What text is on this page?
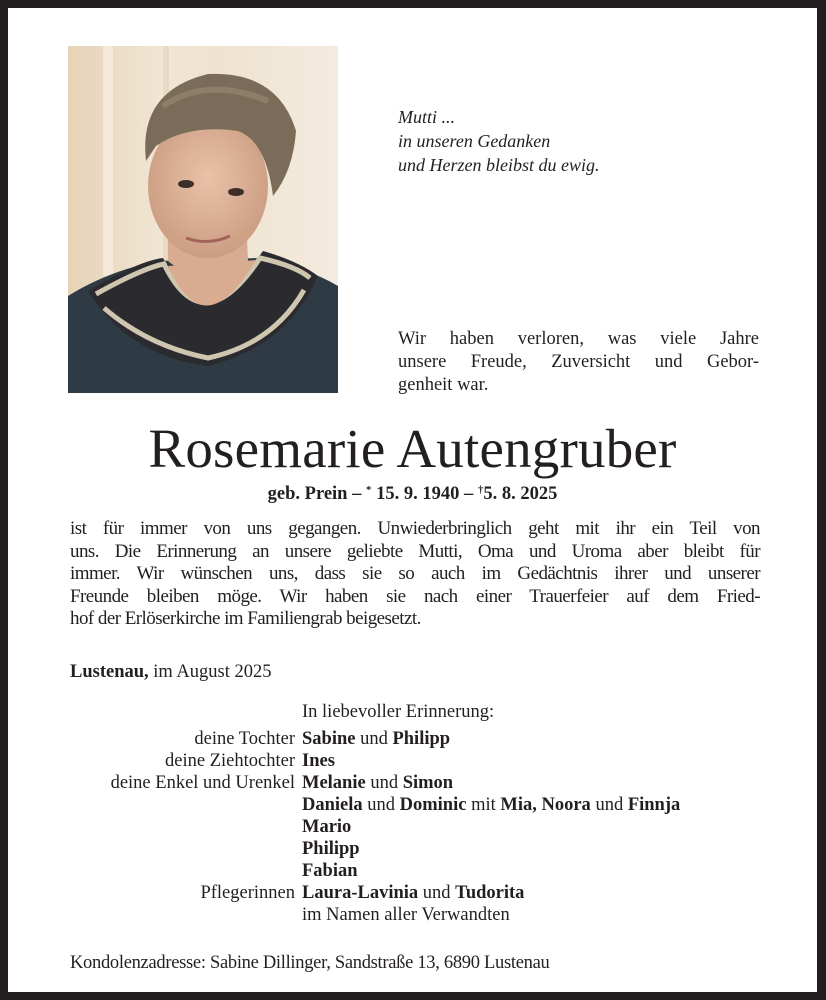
Mutti ...
in unseren Gedanken
und Herzen bleibst du ewig.
Wir haben verloren, was viele Jahre
unsere Freude, Zuversicht und Gebor-
genheit war.
Rosemarie Autengruber
geb. Prein – * 15. 9. 1940 – †5. 8. 2025
ist für immer von uns gegangen. Unwiederbringlich geht mit ihr ein Teil von
uns. Die Erinnerung an unsere geliebte Mutti, Oma und Uroma aber bleibt für
immer. Wir wünschen uns, dass sie so auch im Gedächtnis ihrer und unserer
Freunde bleiben möge. Wir haben sie nach einer Trauerfeier auf dem Fried-
hof der Erlöserkirche im Familiengrab beigesetzt.
Lustenau, im August 2025
In liebevoller Erinnerung:
deine Tochter Sabine und Philipp
deine Ziehtochter Ines
deine Enkel und Urenkel Melanie und Simon
Daniela und Dominic mit Mia, Noora und Finnja
Mario
Philipp
Fabian
Pflegerinnen Laura-Lavinia und Tudorita
im Namen aller Verwandten
Kondolenzadresse: Sabine Dillinger, Sandstraße 13, 6890 Lustenau
